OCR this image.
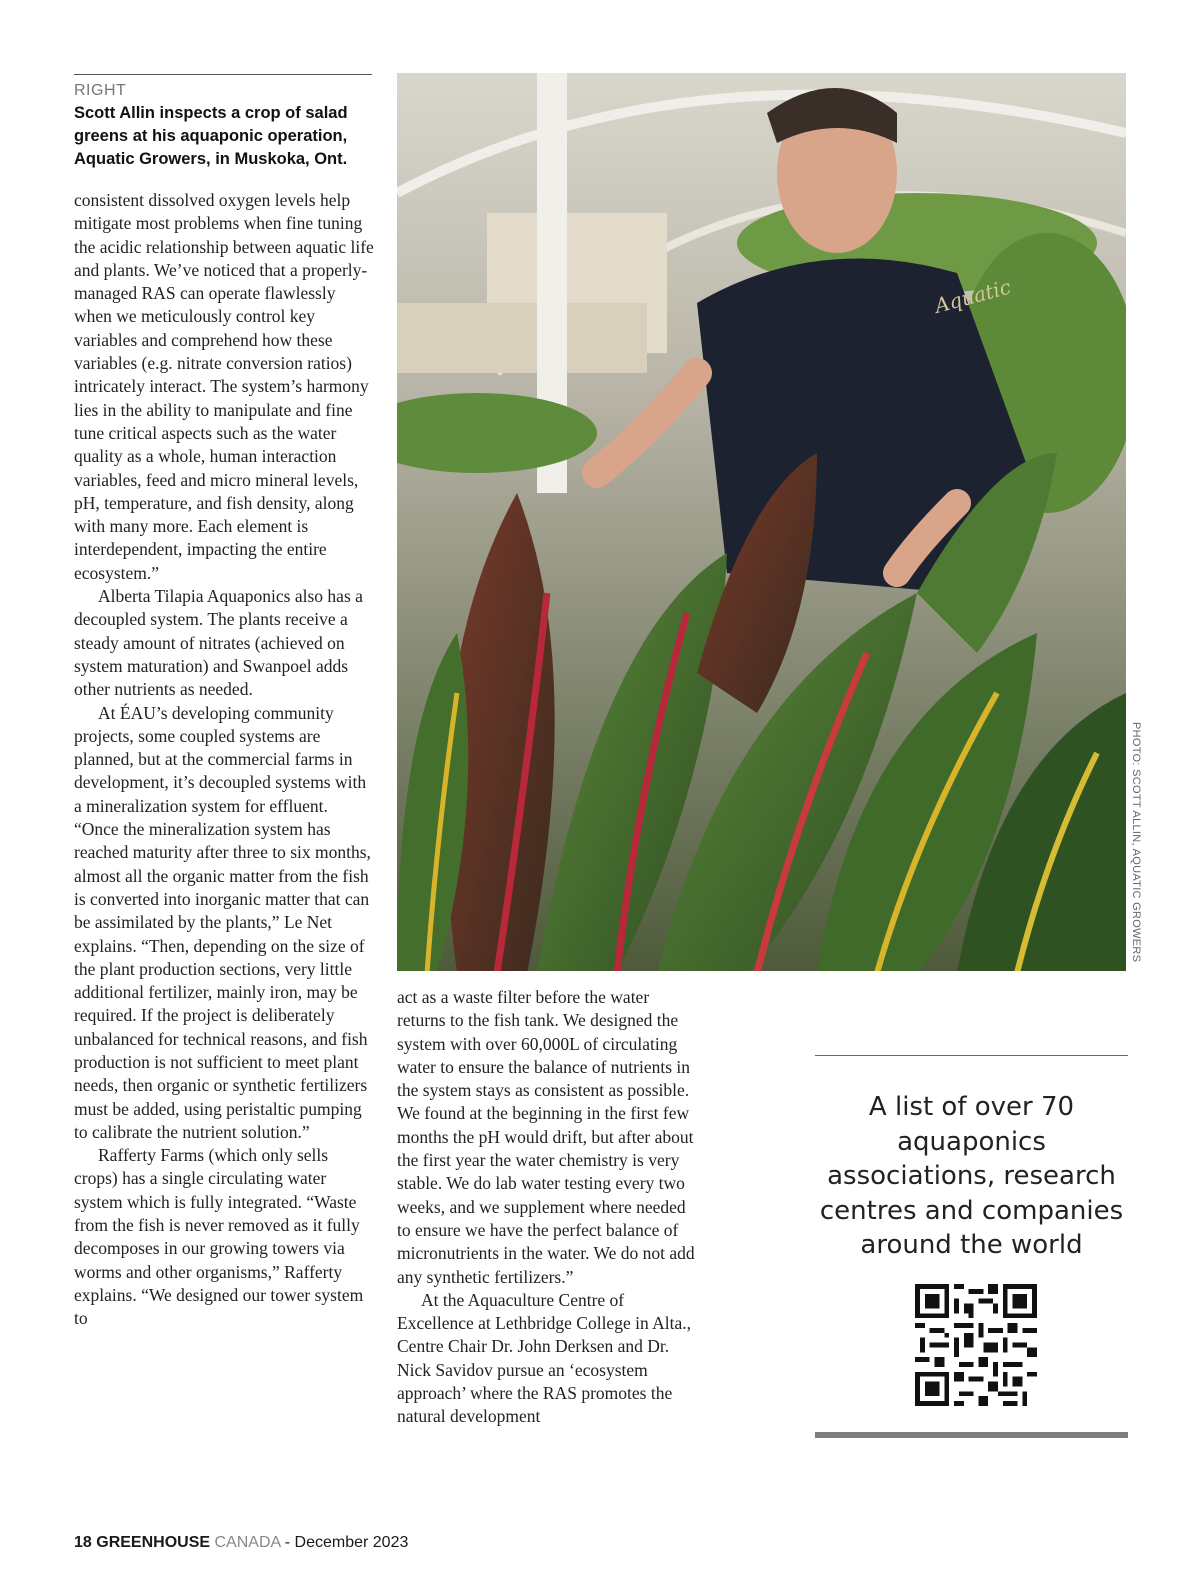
RIGHT
Scott Allin inspects a crop of salad greens at his aquaponic operation, Aquatic Growers, in Muskoka, Ont.

consistent dissolved oxygen levels help mitigate most problems when fine tuning the acidic relationship between aquatic life and plants. We’ve noticed that a properly-managed RAS can operate flawlessly when we meticulously control key variables and comprehend how these variables (e.g. nitrate conversion ratios) intricately interact. The system’s harmony lies in the ability to manipulate and fine tune critical aspects such as the water quality as a whole, human interaction variables, feed and micro mineral levels, pH, temperature, and fish density, along with many more. Each element is interdependent, impacting the entire ecosystem.”

Alberta Tilapia Aquaponics also has a decoupled system. The plants receive a steady amount of nitrates (achieved on system maturation) and Swanpoel adds other nutrients as needed.

At ÉAU’s developing community projects, some coupled systems are planned, but at the commercial farms in development, it’s decoupled systems with a mineralization system for effluent. “Once the mineralization system has reached maturity after three to six months, almost all the organic matter from the fish is converted into inorganic matter that can be assimilated by the plants,” Le Net explains. “Then, depending on the size of the plant production sections, very little additional fertilizer, mainly iron, may be required. If the project is deliberately unbalanced for technical reasons, and fish production is not sufficient to meet plant needs, then organic or synthetic fertilizers must be added, using peristaltic pumping to calibrate the nutrient solution.”

Rafferty Farms (which only sells crops) has a single circulating water system which is fully integrated. “Waste from the fish is never removed as it fully decomposes in our growing towers via worms and other organisms,” Rafferty explains. “We designed our tower system to

Aquatic
PHOTO: SCOTT ALLIN, AQUATIC GROWERS

act as a waste filter before the water returns to the fish tank. We designed the system with over 60,000L of circulating water to ensure the balance of nutrients in the system stays as consistent as possible. We found at the beginning in the first few months the pH would drift, but after about the first year the water chemistry is very stable. We do lab water testing every two weeks, and we supplement where needed to ensure we have the perfect balance of micronutrients in the water. We do not add any synthetic fertilizers.”

At the Aquaculture Centre of Excellence at Lethbridge College in Alta., Centre Chair Dr. John Derksen and Dr. Nick Savidov pursue an ‘ecosystem approach’ where the RAS promotes the natural development

A list of over 70 aquaponics associations, research centres and companies around the world
18 GREENHOUSE CANADA - December 2023
